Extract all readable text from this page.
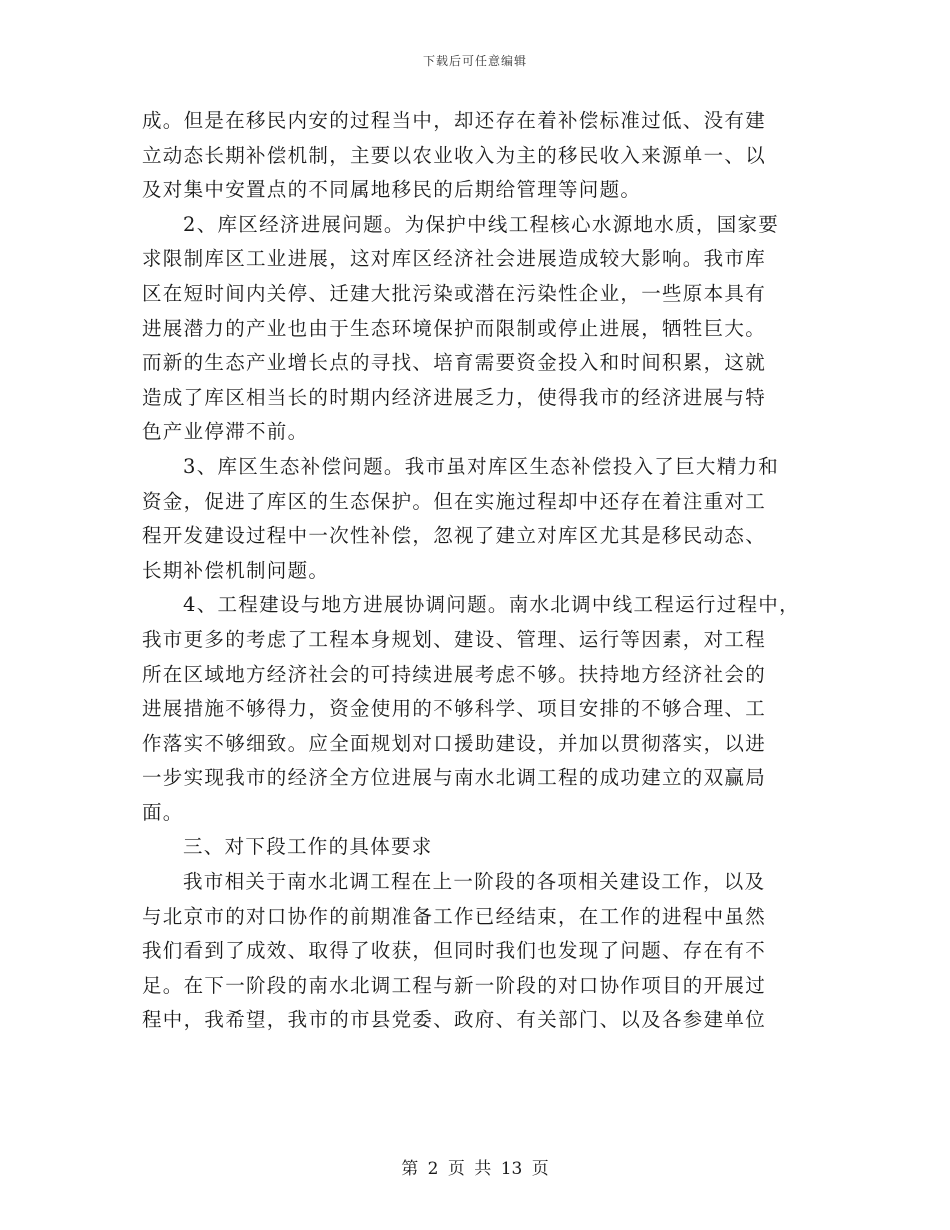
下载后可任意编辑
成。但是在移民内安的过程当中，却还存在着补偿标准过低、没有建
立动态长期补偿机制，主要以农业收入为主的移民收入来源单一、以
及对集中安置点的不同属地移民的后期给管理等问题。
2、库区经济进展问题。为保护中线工程核心水源地水质，国家要
求限制库区工业进展，这对库区经济社会进展造成较大影响。我市库
区在短时间内关停、迁建大批污染或潜在污染性企业，一些原本具有
进展潜力的产业也由于生态环境保护而限制或停止进展，牺牲巨大。
而新的生态产业增长点的寻找、培育需要资金投入和时间积累，这就
造成了库区相当长的时期内经济进展乏力，使得我市的经济进展与特
色产业停滞不前。
3、库区生态补偿问题。我市虽对库区生态补偿投入了巨大精力和
资金，促进了库区的生态保护。但在实施过程却中还存在着注重对工
程开发建设过程中一次性补偿，忽视了建立对库区尤其是移民动态、
长期补偿机制问题。
4、工程建设与地方进展协调问题。南水北调中线工程运行过程中，
我市更多的考虑了工程本身规划、建设、管理、运行等因素，对工程
所在区域地方经济社会的可持续进展考虑不够。扶持地方经济社会的
进展措施不够得力，资金使用的不够科学、项目安排的不够合理、工
作落实不够细致。应全面规划对口援助建设，并加以贯彻落实，以进
一步实现我市的经济全方位进展与南水北调工程的成功建立的双赢局
面。
三、对下段工作的具体要求
我市相关于南水北调工程在上一阶段的各项相关建设工作，以及
与北京市的对口协作的前期准备工作已经结束，在工作的进程中虽然
我们看到了成效、取得了收获，但同时我们也发现了问题、存在有不
足。在下一阶段的南水北调工程与新一阶段的对口协作项目的开展过
程中，我希望，我市的市县党委、政府、有关部门、以及各参建单位
第 2 页 共 13 页
